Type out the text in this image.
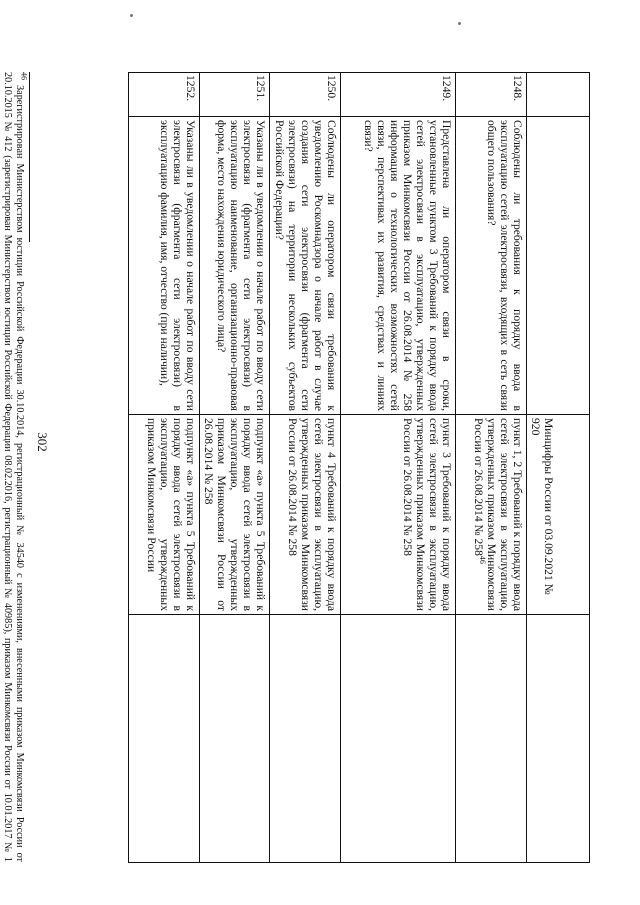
302

		Минцифры России от 03.09.2021 № 920	

1248.	Соблюдены ли требования к порядку ввода в эксплуатацию сетей электросвязи, входящих в сеть связи общего пользования?	пункт 1, 2 Требований к порядку ввода сетей электросвязи в эксплуатацию, утвержденных приказом Минкомсвязи России от 26.08.2014 № $258^{46}$	
1249.	Представлена ли оператором связи в сроки, установленные пунктом 3 Требований к порядку ввода сетей электросвязи в эксплуатацию, утвержденных приказом Минкомсвязи России от 26.08.2014 № 258 информация о технологических возможностях сетей связи, перспективах их развития, средствах и линиях связи?	пункт 3 Требований к порядку ввода сетей электросвязи в эксплуатацию, утвержденных приказом Минкомсвязи России от 26.08.2014 № 258	
1250.	Соблюдены ли оператором связи требования к уведомлению Роскомнадзора о начале работ в случае создания сети электросвязи (фрагмента сети электросвязи) на территории нескольких субъектов Российской Федерации?	пункт 4 Требований к порядку ввода сетей электросвязи в эксплуатацию, утвержденных приказом Минкомсвязи России от 26.08.2014 № 258	
1251.	Указаны ли в уведомлении о начале работ по вводу сети электросвязи (фрагмента сети электросвязи) в эксплуатацию наименование, организационно-правовая форма, место нахождения юридического лица?	подпункт «а» пункта 5 Требований к порядку ввода сетей электросвязи в эксплуатацию, утвержденных приказом Минкомсвязи России от 26.08.2014 № 258	
1252.	Указаны ли в уведомлении о начале работ по вводу сети электросвязи (фрагмента сети электросвязи) в эксплуатацию фамилия, имя, отчество (при наличии),	подпункт «а» пункта 5 Требований к порядку ввода сетей электросвязи в эксплуатацию, утвержденных приказом Минкомсвязи России	
$^{46}$ Зарегистрирован Министерством юстиции Российской Федерации 30.10.2014, регистрационный № 34540 с изменениями, внесенными приказом Минкомсвязи России от 20.10.2015 № 412 (зарегистрирован Министерством юстиции Российской Федерации 08.02.2016, регистрационный № 40985), приказом Минкомсвязи России от 10.01.2017 № 1
